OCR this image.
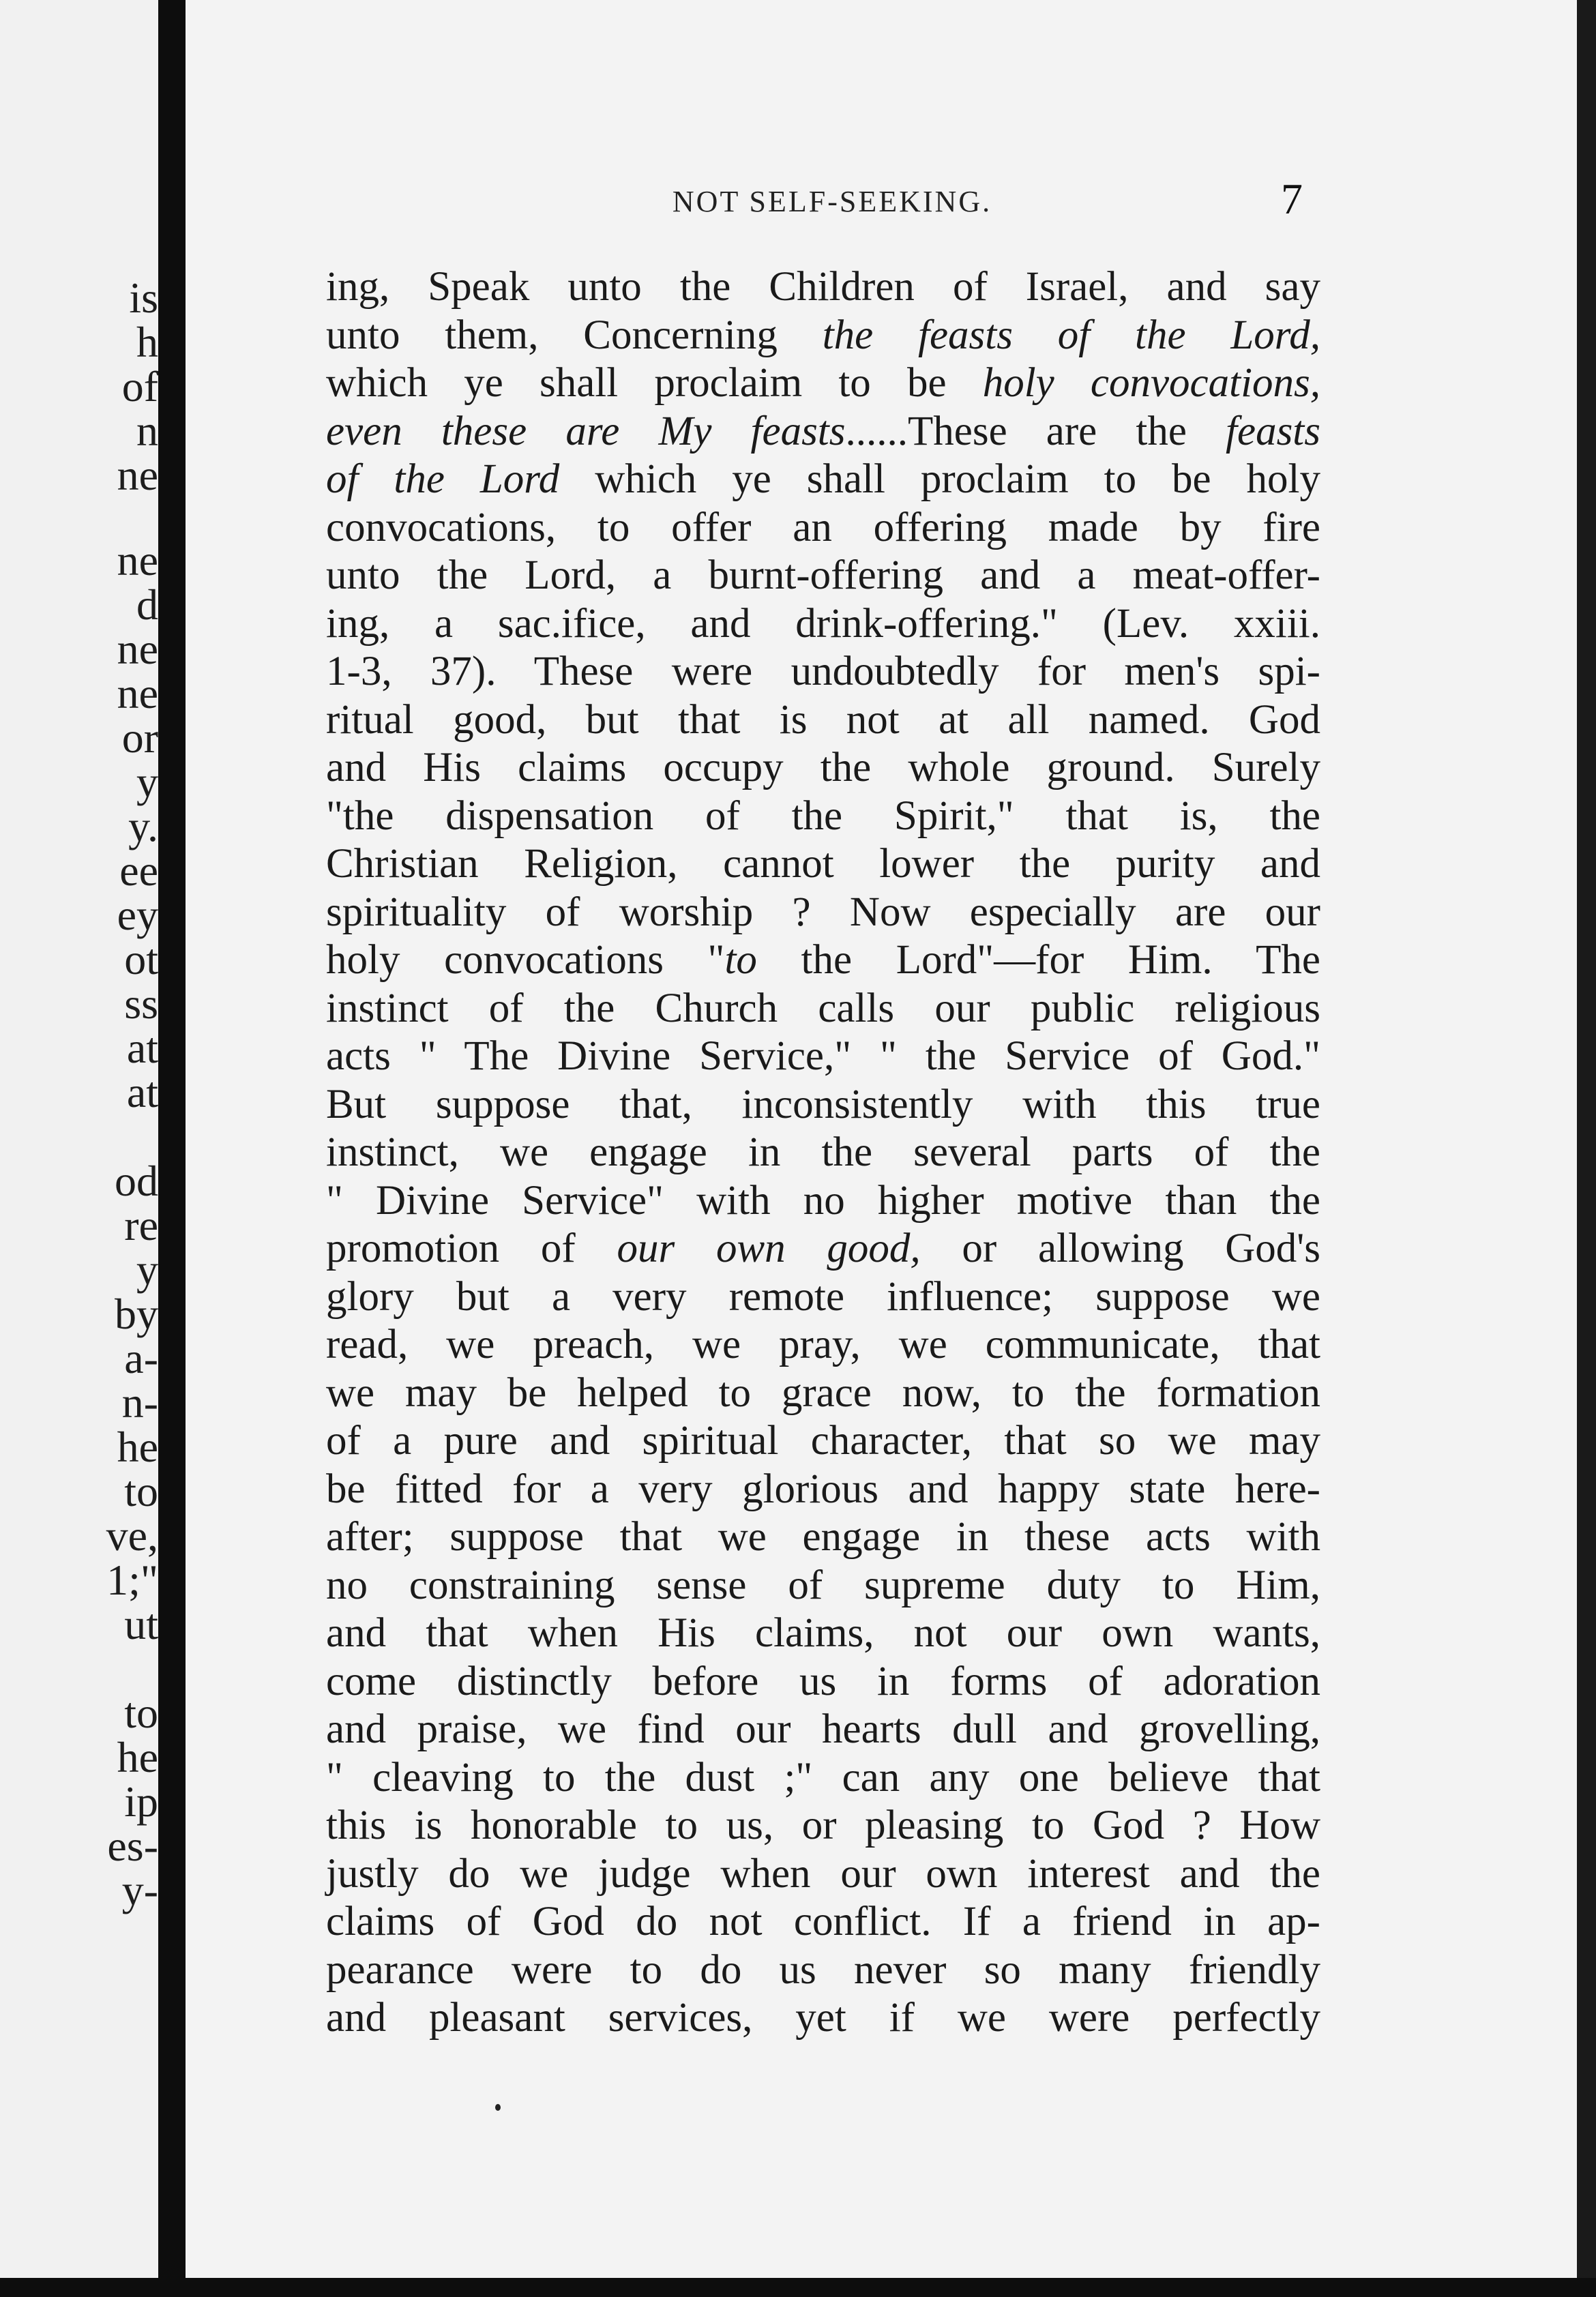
is
h
of
n
ne
ne
d
ne
ne
or
y
y.
ee
ey
ot
ss
at
at
od
re
y
by
a-
n-
he
to
ve,
1;"
ut
to
he
ip
es-
y-
NOT SELF-SEEKING.	7
ing, Speak unto the Children of Israel, and say
unto them, Concerning the feasts of the Lord,
which ye shall proclaim to be holy convocations,
even these are My feasts......These are the feasts
of the Lord which ye shall proclaim to be holy
convocations, to offer an offering made by fire
unto the Lord, a burnt-offering and a meat-offer-
ing, a sac.ifice, and drink-offering." (Lev. xxiii.
1-3, 37). These were undoubtedly for men's spi-
ritual good, but that is not at all named. God
and His claims occupy the whole ground. Surely
"the dispensation of the Spirit," that is, the
Christian Religion, cannot lower the purity and
spirituality of worship ? Now especially are our
holy convocations "to the Lord"—for Him. The
instinct of the Church calls our public religious
acts " The Divine Service," " the Service of God."
But suppose that, inconsistently with this true
instinct, we engage in the several parts of the
" Divine Service" with no higher motive than the
promotion of our own good, or allowing God's
glory but a very remote influence; suppose we
read, we preach, we pray, we communicate, that
we may be helped to grace now, to the formation
of a pure and spiritual character, that so we may
be fitted for a very glorious and happy state here-
after; suppose that we engage in these acts with
no constraining sense of supreme duty to Him,
and that when His claims, not our own wants,
come distinctly before us in forms of adoration
and praise, we find our hearts dull and grovelling,
" cleaving to the dust ;" can any one believe that
this is honorable to us, or pleasing to God ? How
justly do we judge when our own interest and the
claims of God do not conflict. If a friend in ap-
pearance were to do us never so many friendly
and pleasant services, yet if we were perfectly
